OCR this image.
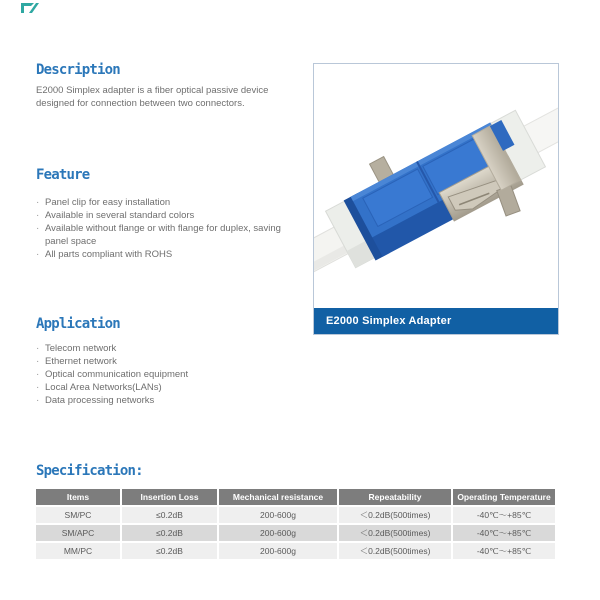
Description
E2000 Simplex adapter is a fiber optical passive device designed for connection between two connectors.
Feature
· Panel clip for easy installation
· Available in several standard colors
· Available without flange or with flange for duplex, saving panel space
· All parts compliant with ROHS
Application
· Telecom network
· Ethernet network
· Optical communication equipment
· Local Area Networks(LANs)
· Data processing networks
E2000 Simplex Adapter
Specification:
Items	Insertion Loss	Mechanical resistance	Repeatability	Operating Temperature
SM/PC	≤0.2dB	200-600g	＜0.2dB(500times)	-40℃～+85℃
SM/APC	≤0.2dB	200-600g	＜0.2dB(500times)	-40℃～+85℃
MM/PC	≤0.2dB	200-600g	＜0.2dB(500times)	-40℃～+85℃
